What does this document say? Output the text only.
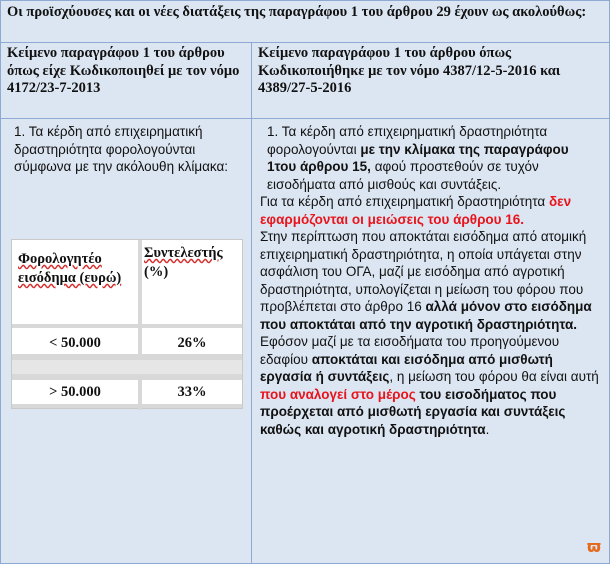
Οι προϊσχύουσες και οι νέες διατάξεις της παραγράφου 1 του άρθρου 29 έχουν ως ακολούθως:
Κείμενο παραγράφου 1 του άρθρου όπως είχε Κωδικοποιηθεί με τον νόμο 4172/23-7-2013
Κείμενο παραγράφου 1 του άρθρου όπως Κωδικοποιήθηκε με τον νόμο 4387/12-5-2016 και 4389/27-5-2016
1. Τα κέρδη από επιχειρηματική δραστηριότητα φορολογούνται σύμφωνα με την ακόλουθη κλίμακα:
Φορολογητέο εισόδημα (ευρώ)
Συντελεστής
(%)
< 50.000	26%
> 50.000	33%

1. Τα κέρδη από επιχειρηματική δραστηριότητα φορολογούνται με την κλίμακα της παραγράφου 1του άρθρου 15, αφού προστεθούν σε τυχόν εισοδήματα από μισθούς και συντάξεις.

Για τα κέρδη από επιχειρηματική δραστηριότητα δεν εφαρμόζονται οι μειώσεις του άρθρου 16.

Στην περίπτωση που αποκτάται εισόδημα από ατομική επιχειρηματική δραστηριότητα, η οποία υπάγεται στην ασφάλιση του ΟΓΑ, μαζί με εισόδημα από αγροτική δραστηριότητα, υπολογίζεται η μείωση του φόρου που προβλέπεται στο άρθρο 16 αλλά μόνον στο εισόδημα που αποκτάται από την αγροτική δραστηριότητα.

Εφόσον μαζί με τα εισοδήματα του προηγούμενου εδαφίου αποκτάται και εισόδημα από μισθωτή εργασία ή συντάξεις, η μείωση του φόρου θα είναι αυτή που αναλογεί στο μέρος του εισοδήματος που προέρχεται από μισθωτή εργασία και συντάξεις καθώς και αγροτική δραστηριότητα.

ϖ
